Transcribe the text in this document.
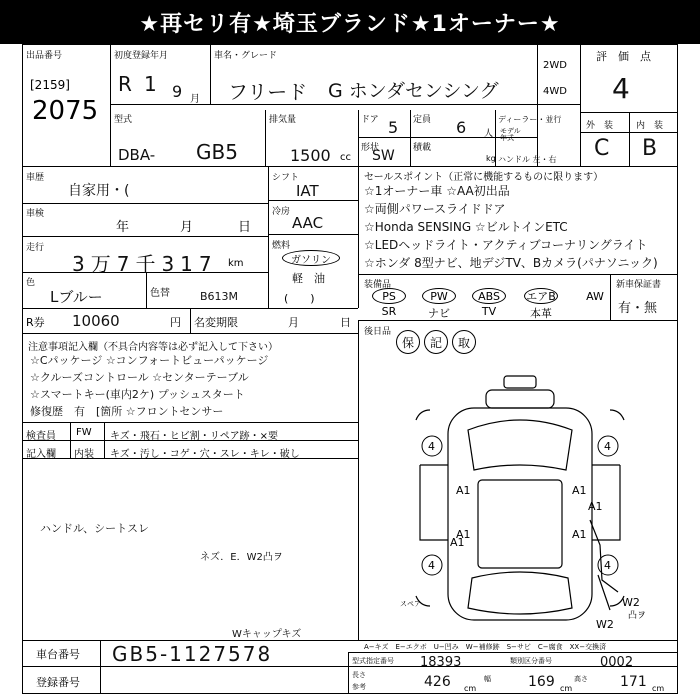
★再セリ有★埼玉ブランド★1オーナー★
出品番号
[2159]
2075
初度登録年月
R 1 9 月
車名・グレード
フリード G ホンダセンシング
2WD
4WD
評　価　点
4
外　装	内　装
C B
型式
DBA- GB5
排気量
1500 cc
ドア 5 定員 6 人
形状
SW 積載
kg
ディーラー・並行
モデル年式
ハンドル 左・右
車歴
自家用・(
車検
年	月	日
走行
3万7千317 km
色
Lブルー	色替	B613M
シフト
IAT
冷房
AAC
燃料
ガソリン
軽　油
(　　)
R券 10060	円 名変期限	月	日
セールスポイント（正常に機能するものに限ります）
☆1オーナー車 ☆AA初出品
☆両側パワースライドドア
☆Honda SENSING ☆ビルトインETC
☆LEDヘッドライト・アクティブコーナリングライト
☆ホンダ 8型ナビ、地デジTV、Bカメラ(パナソニック)
装備品	新車保証書
PS	PW	ABS	エアB	AW
SR	ナビ	TV	本革	有・無
後日品
保	記	取
注意事項記入欄（不具合内容等は必ず記入して下さい）
☆Cパッケージ ☆コンフォートビューパッケージ
☆クルーズコントロール ☆センターテーブル
☆スマートキー(車内2ケ) プッシュスタート
修復歴　有　[箇所 ☆フロントセンサー
検査員
記入欄
FW キズ・飛石・ヒビ割・リペア跡・×要
内装 キズ・汚し・コゲ・穴・スレ・キレ・破し
ハンドル、シートスレ
ネズ．E．W2凸ヲ
Wキャップキズ
4	4
4	4
A1	A1
A1	A1
A1
A1
W2
W2
凸ヲ
スペア
A−キズ　E−エクボ　U−凹み　W−補修跡　S−サビ　C−腐食　XX−交換済
車台番号 GB5-1127578
登録番号
型式指定番号 18393	類別区分番号	0002
長さ
参考	426 cm
幅	169 cm
高さ 171 cm
